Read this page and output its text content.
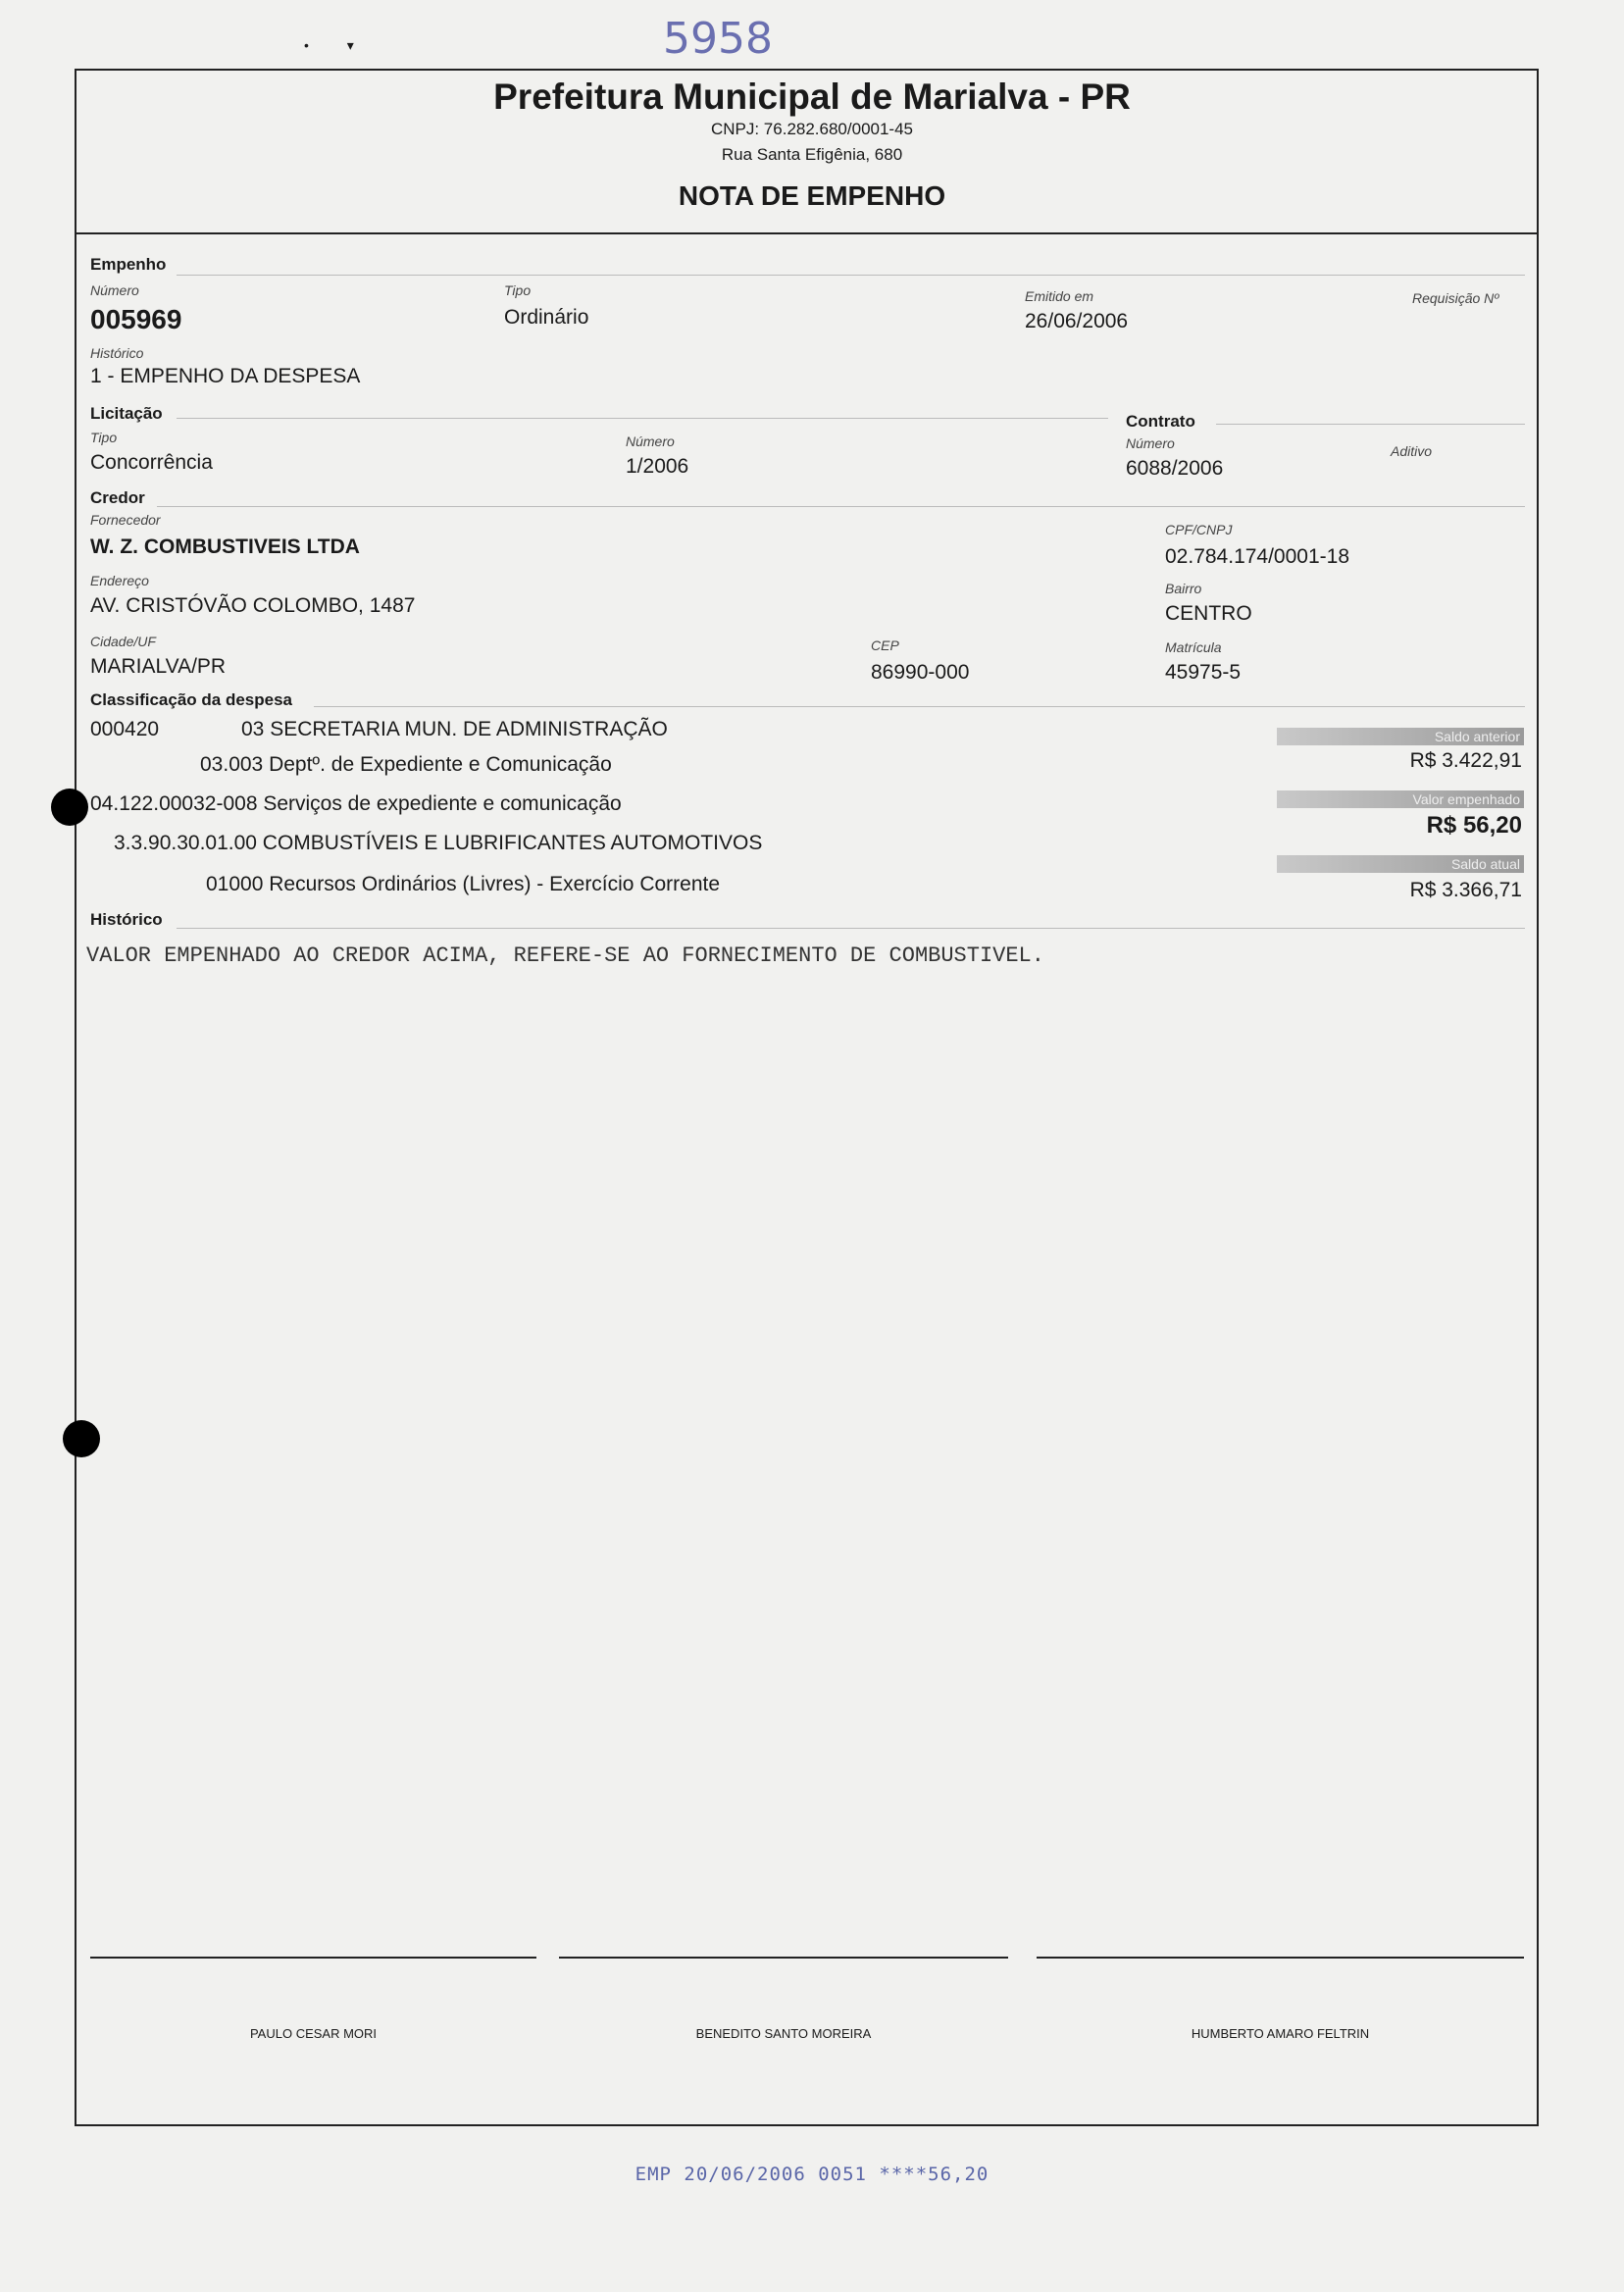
5958
•          ▾
Prefeitura Municipal de Marialva - PR
CNPJ: 76.282.680/0001-45
Rua Santa Efigênia, 680
NOTA DE EMPENHO
Empenho
Número
005969
Tipo
Ordinário
Emitido em
26/06/2006
Requisição Nº
Histórico
1 - EMPENHO DA DESPESA
Licitação
Tipo
Concorrência
Número
1/2006
Contrato
Número
6088/2006
Aditivo
Credor
Fornecedor
W. Z. COMBUSTIVEIS LTDA
CPF/CNPJ
02.784.174/0001-18
Endereço
AV. CRISTÓVÃO COLOMBO, 1487
Bairro
CENTRO
Cidade/UF
MARIALVA/PR
CEP
86990-000
Matrícula
45975-5
Classificação da despesa
000420	03 SECRETARIA MUN. DE ADMINISTRAÇÃO
03.003 Deptº. de Expediente e Comunicação
04.122.00032-008 Serviços de expediente e comunicação
3.3.90.30.01.00 COMBUSTÍVEIS E LUBRIFICANTES AUTOMOTIVOS
01000 Recursos Ordinários (Livres) - Exercício Corrente
Saldo anterior
R$ 3.422,91
Valor empenhado
R$ 56,20
Saldo atual
R$ 3.366,71
Histórico
VALOR EMPENHADO AO CREDOR ACIMA, REFERE-SE AO FORNECIMENTO DE COMBUSTIVEL.
PAULO CESAR MORI	BENEDITO SANTO MOREIRA	HUMBERTO AMARO FELTRIN
EMP 20/06/2006 0051 ****56,20
